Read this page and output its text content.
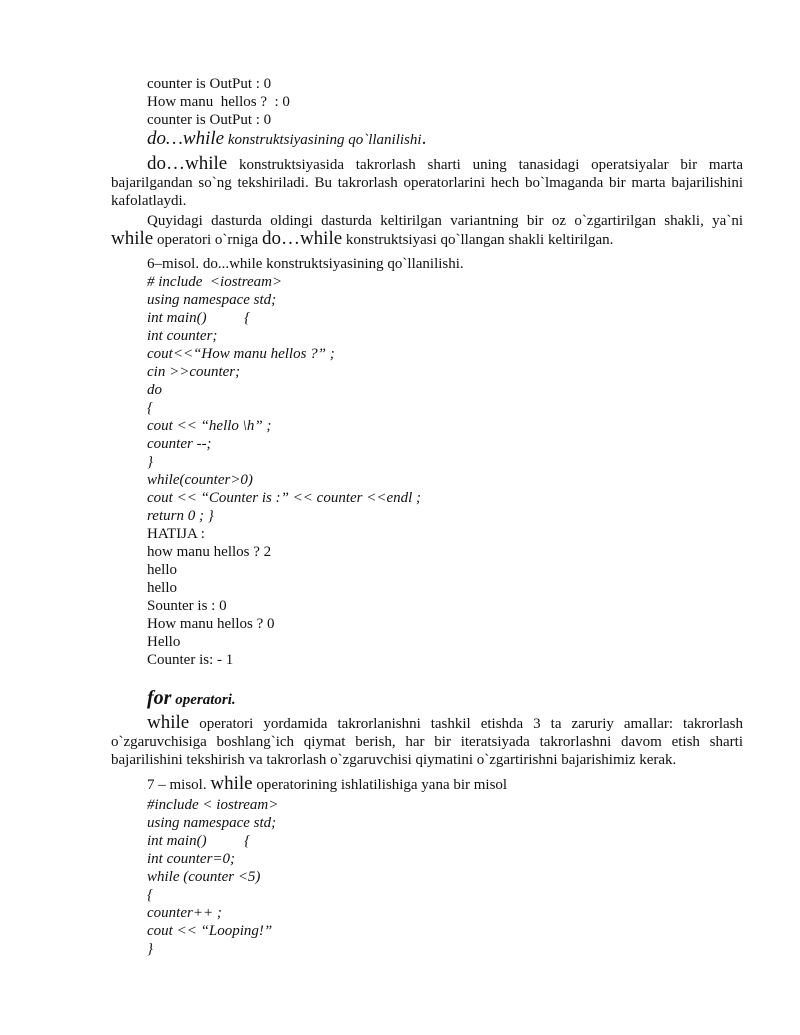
counter is OutPut : 0
How manu  hellos ?  : 0
counter is OutPut : 0
do…while konstruktsiyasining qo`llanilishi.
do…while konstruktsiyasida takrorlash sharti uning tanasidagi operatsiyalar bir marta bajarilgandan so`ng tekshiriladi. Bu takrorlash operatorlarini hech bo`lmaganda bir marta bajarilishini kafolatlaydi.
Quyidagi dasturda oldingi dasturda keltirilgan variantning bir oz o`zgartirilgan shakli, ya`ni while operatori o`rniga do…while konstruktsiyasi qo`llangan shakli keltirilgan.
6–misol. do...while konstruktsiyasining qo`llanilishi.
# include  <iostream>
using namespace std;
int main()          {
int counter;
cout<<“How manu hellos ?” ;
cin >>counter;
do
{
cout << “hello \h” ;
counter --;
}
while(counter>0)
cout << “Counter is :” << counter <<endl ;
return 0 ; }
HATIJA :
how manu hellos ? 2
hello
hello
Sounter is : 0
How manu hellos ? 0
Hello
Counter is: - 1
for operatori.
while operatori yordamida takrorlanishni tashkil etishda 3 ta zaruriy amallar: takrorlash o`zgaruvchisiga boshlang`ich qiymat berish, har bir iteratsiyada takrorlashni davom etish sharti bajarilishini tekshirish va takrorlash o`zgaruvchisi qiymatini o`zgartirishni bajarishimiz kerak.
7 – misol. while operatorining ishlatilishiga yana bir misol
#include < iostream>
using namespace std;
int main()          {
int counter=0;
while (counter <5)
{
counter++ ;
cout << “Looping!”
}
